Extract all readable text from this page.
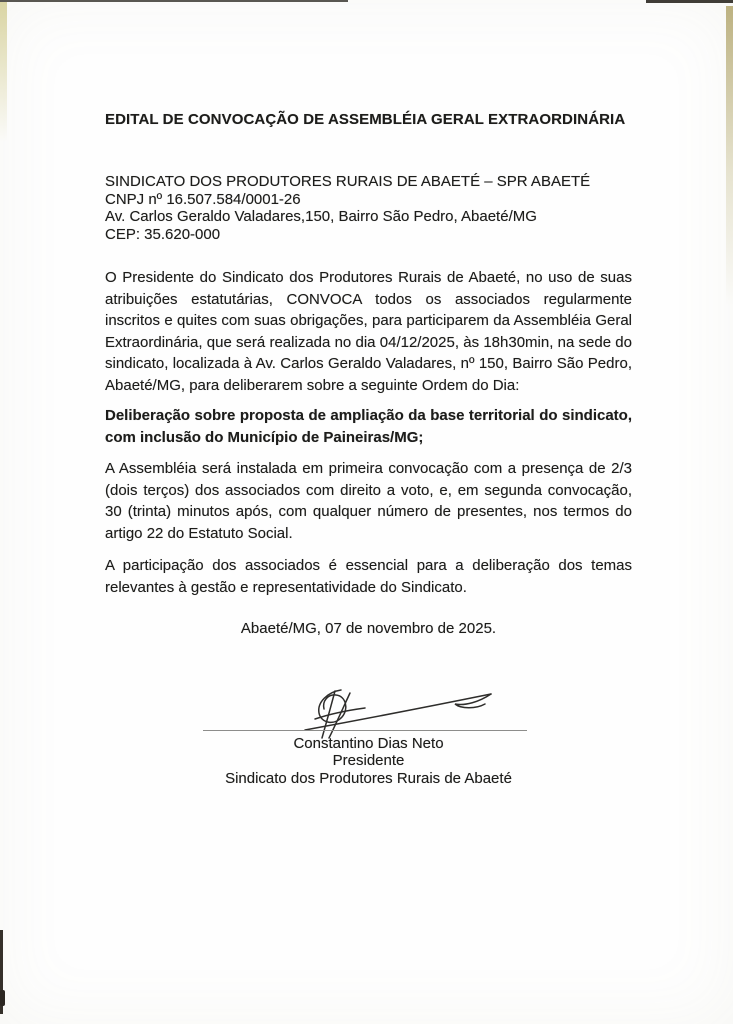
EDITAL DE CONVOCAÇÃO DE ASSEMBLÉIA GERAL EXTRAORDINÁRIA
SINDICATO DOS PRODUTORES RURAIS DE ABAETÉ – SPR ABAETÉ
CNPJ nº 16.507.584/0001-26
Av. Carlos Geraldo Valadares,150, Bairro São Pedro, Abaeté/MG
CEP: 35.620-000

O Presidente do Sindicato dos Produtores Rurais de Abaeté, no uso de suas atribuições estatutárias, CONVOCA todos os associados regularmente inscritos e quites com suas obrigações, para participarem da Assembléia Geral Extraordinária, que será realizada no dia 04/12/2025, às 18h30min, na sede do sindicato, localizada à Av. Carlos Geraldo Valadares, nº 150, Bairro São Pedro, Abaeté/MG, para deliberarem sobre a seguinte Ordem do Dia:

Deliberação sobre proposta de ampliação da base territorial do sindicato, com inclusão do Município de Paineiras/MG;

A Assembléia será instalada em primeira convocação com a presença de 2/3 (dois terços) dos associados com direito a voto, e, em segunda convocação, 30 (trinta) minutos após, com qualquer número de presentes, nos termos do artigo 22 do Estatuto Social.

A participação dos associados é essencial para a deliberação dos temas relevantes à gestão e representatividade do Sindicato.

Abaeté/MG, 07 de novembro de 2025.
Constantino Dias Neto
Presidente
Sindicato dos Produtores Rurais de Abaeté
